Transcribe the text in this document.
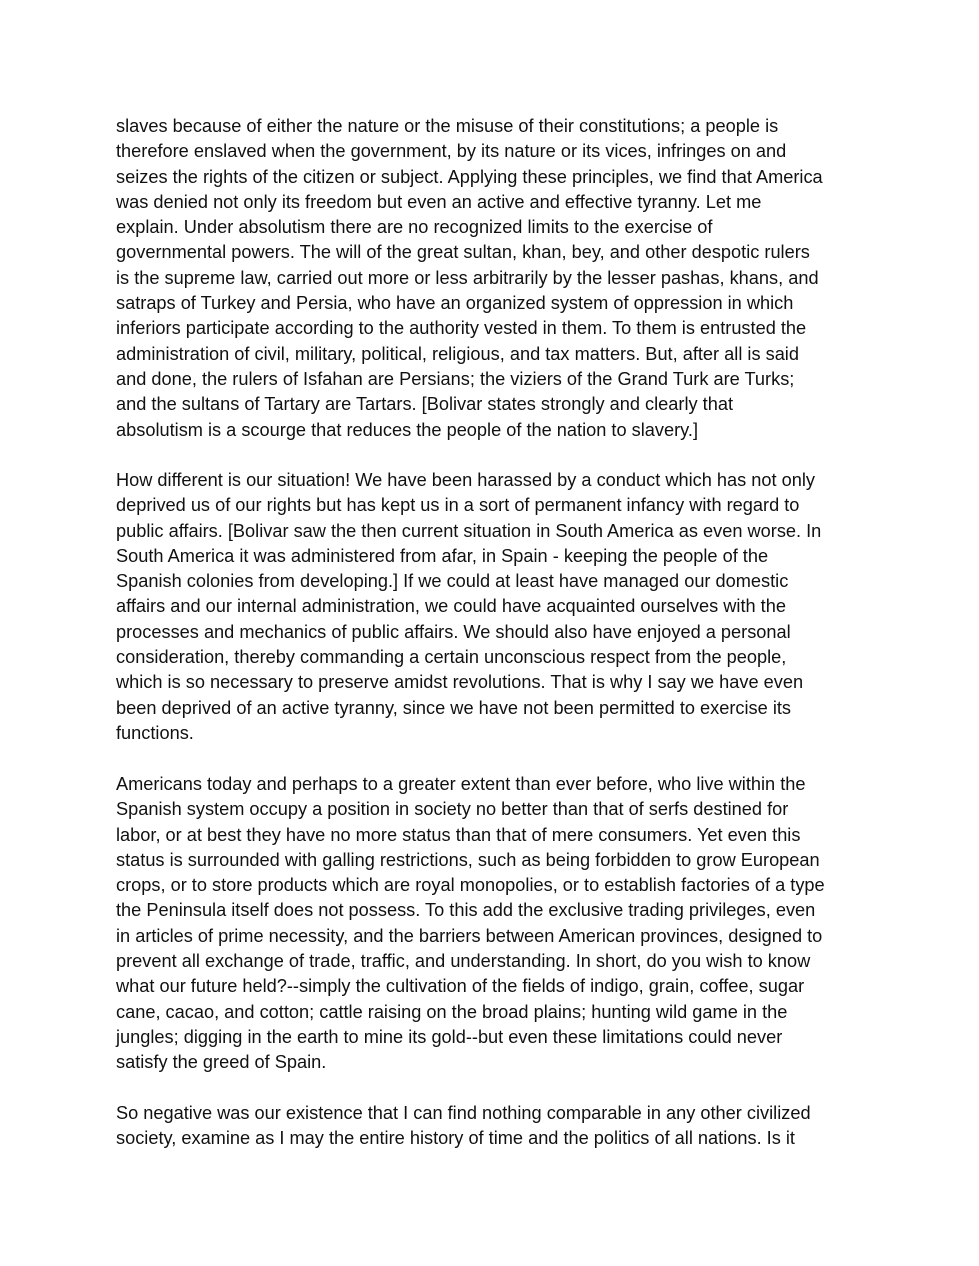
slaves because of either the nature or the misuse of their constitutions; a people is
therefore enslaved when the government, by its nature or its vices, infringes on and
seizes the rights of the citizen or subject. Applying these principles, we find that America
was denied not only its freedom but even an active and effective tyranny. Let me
explain. Under absolutism there are no recognized limits to the exercise of
governmental powers. The will of the great sultan, khan, bey, and other despotic rulers
is the supreme law, carried out more or less arbitrarily by the lesser pashas, khans, and
satraps of Turkey and Persia, who have an organized system of oppression in which
inferiors participate according to the authority vested in them. To them is entrusted the
administration of civil, military, political, religious, and tax matters. But, after all is said
and done, the rulers of Isfahan are Persians; the viziers of the Grand Turk are Turks;
and the sultans of Tartary are Tartars. [Bolivar states strongly and clearly that
absolutism is a scourge that reduces the people of the nation to slavery.]

How different is our situation! We have been harassed by a conduct which has not only
deprived us of our rights but has kept us in a sort of permanent infancy with regard to
public affairs. [Bolivar saw the then current situation in South America as even worse. In
South America it was administered from afar, in Spain - keeping the people of the
Spanish colonies from developing.] If we could at least have managed our domestic
affairs and our internal administration, we could have acquainted ourselves with the
processes and mechanics of public affairs. We should also have enjoyed a personal
consideration, thereby commanding a certain unconscious respect from the people,
which is so necessary to preserve amidst revolutions. That is why I say we have even
been deprived of an active tyranny, since we have not been permitted to exercise its
functions.

Americans today and perhaps to a greater extent than ever before, who live within the
Spanish system occupy a position in society no better than that of serfs destined for
labor, or at best they have no more status than that of mere consumers. Yet even this
status is surrounded with galling restrictions, such as being forbidden to grow European
crops, or to store products which are royal monopolies, or to establish factories of a type
the Peninsula itself does not possess. To this add the exclusive trading privileges, even
in articles of prime necessity, and the barriers between American provinces, designed to
prevent all exchange of trade, traffic, and understanding. In short, do you wish to know
what our future held?--simply the cultivation of the fields of indigo, grain, coffee, sugar
cane, cacao, and cotton; cattle raising on the broad plains; hunting wild game in the
jungles; digging in the earth to mine its gold--but even these limitations could never
satisfy the greed of Spain.

So negative was our existence that I can find nothing comparable in any other civilized
society, examine as I may the entire history of time and the politics of all nations. Is it
